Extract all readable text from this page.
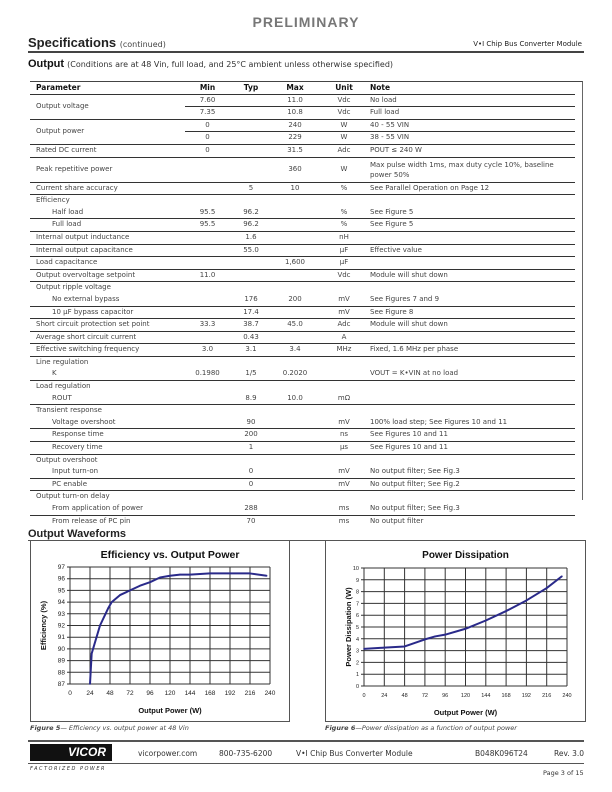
PRELIMINARY
Specifications (continued)	V•I Chip Bus Converter Module
Output (Conditions are at 48 Vin, full load, and 25°C ambient unless otherwise specified)
Parameter	Min	Typ	Max	Unit	Note
Output voltage	7.60		11.0	Vdc	No load
	7.35		10.8	Vdc	Full load
Output power	0		240	W	40 - 55 VIN
	0		229	W	38 - 55 VIN
Rated DC current	0		31.5	Adc	POUT ≤ 240 W
Peak repetitive power			360	W	Max pulse width 1ms, max duty cycle 10%, baseline power 50%
Current share accuracy		5	10	%	See Parallel Operation on Page 12
Efficiency					
Half load	95.5	96.2		%	See Figure 5
Full load	95.5	96.2		%	See Figure 5
Internal output inductance		1.6		nH	
Internal output capacitance		55.0		µF	Effective value
Load capacitance			1,600	µF	
Output overvoltage setpoint	11.0			Vdc	Module will shut down
Output ripple voltage					
No external bypass		176	200	mV	See Figures 7 and 9
10 µF bypass capacitor		17.4		mV	See Figure 8
Short circuit protection set point	33.3	38.7	45.0	Adc	Module will shut down
Average short circuit current		0.43		A	
Effective switching frequency	3.0	3.1	3.4	MHz	Fixed, 1.6 MHz per phase
Line regulation					
K	0.1980	1/5	0.2020		VOUT = K•VIN at no load
Load regulation					
ROUT		8.9	10.0	mΩ	
Transient response					
Voltage overshoot		90		mV	100% load step; See Figures 10 and 11
Response time		200		ns	See Figures 10 and 11
Recovery time		1		µs	See Figures 10 and 11
Output overshoot					
Input turn-on		0		mV	No output filter; See Fig.3
PC enable		0		mV	No output filter; See Fig.2
Output turn-on delay					
From application of power		288		ms	No output filter; See Fig.3
From release of PC pin		70		ms	No output filter
Output Waveforms
Efficiency vs. Output Power
0 24 48 72 96 120 144 168 192 216 240
87
88
89
90
91
92
93
94
95
96
97
Output Power (W)
Efficiency (%)
Power Dissipation
0	24	48	72	96 120 144 168 192 216 240
0
1
2
3
4
5
6
7
8
9
10
Output Power (W)
Power Dissipation (W)
Figure 5— Efficiency vs. output power at 48 Vin	Figure 6—Power dissipation as a function of output power
VICOR
FACTORIZED POWER
vicorpower.com	800-735-6200	V•I Chip Bus Converter Module	B048K096T24	Rev. 3.0
Page 3 of 15
